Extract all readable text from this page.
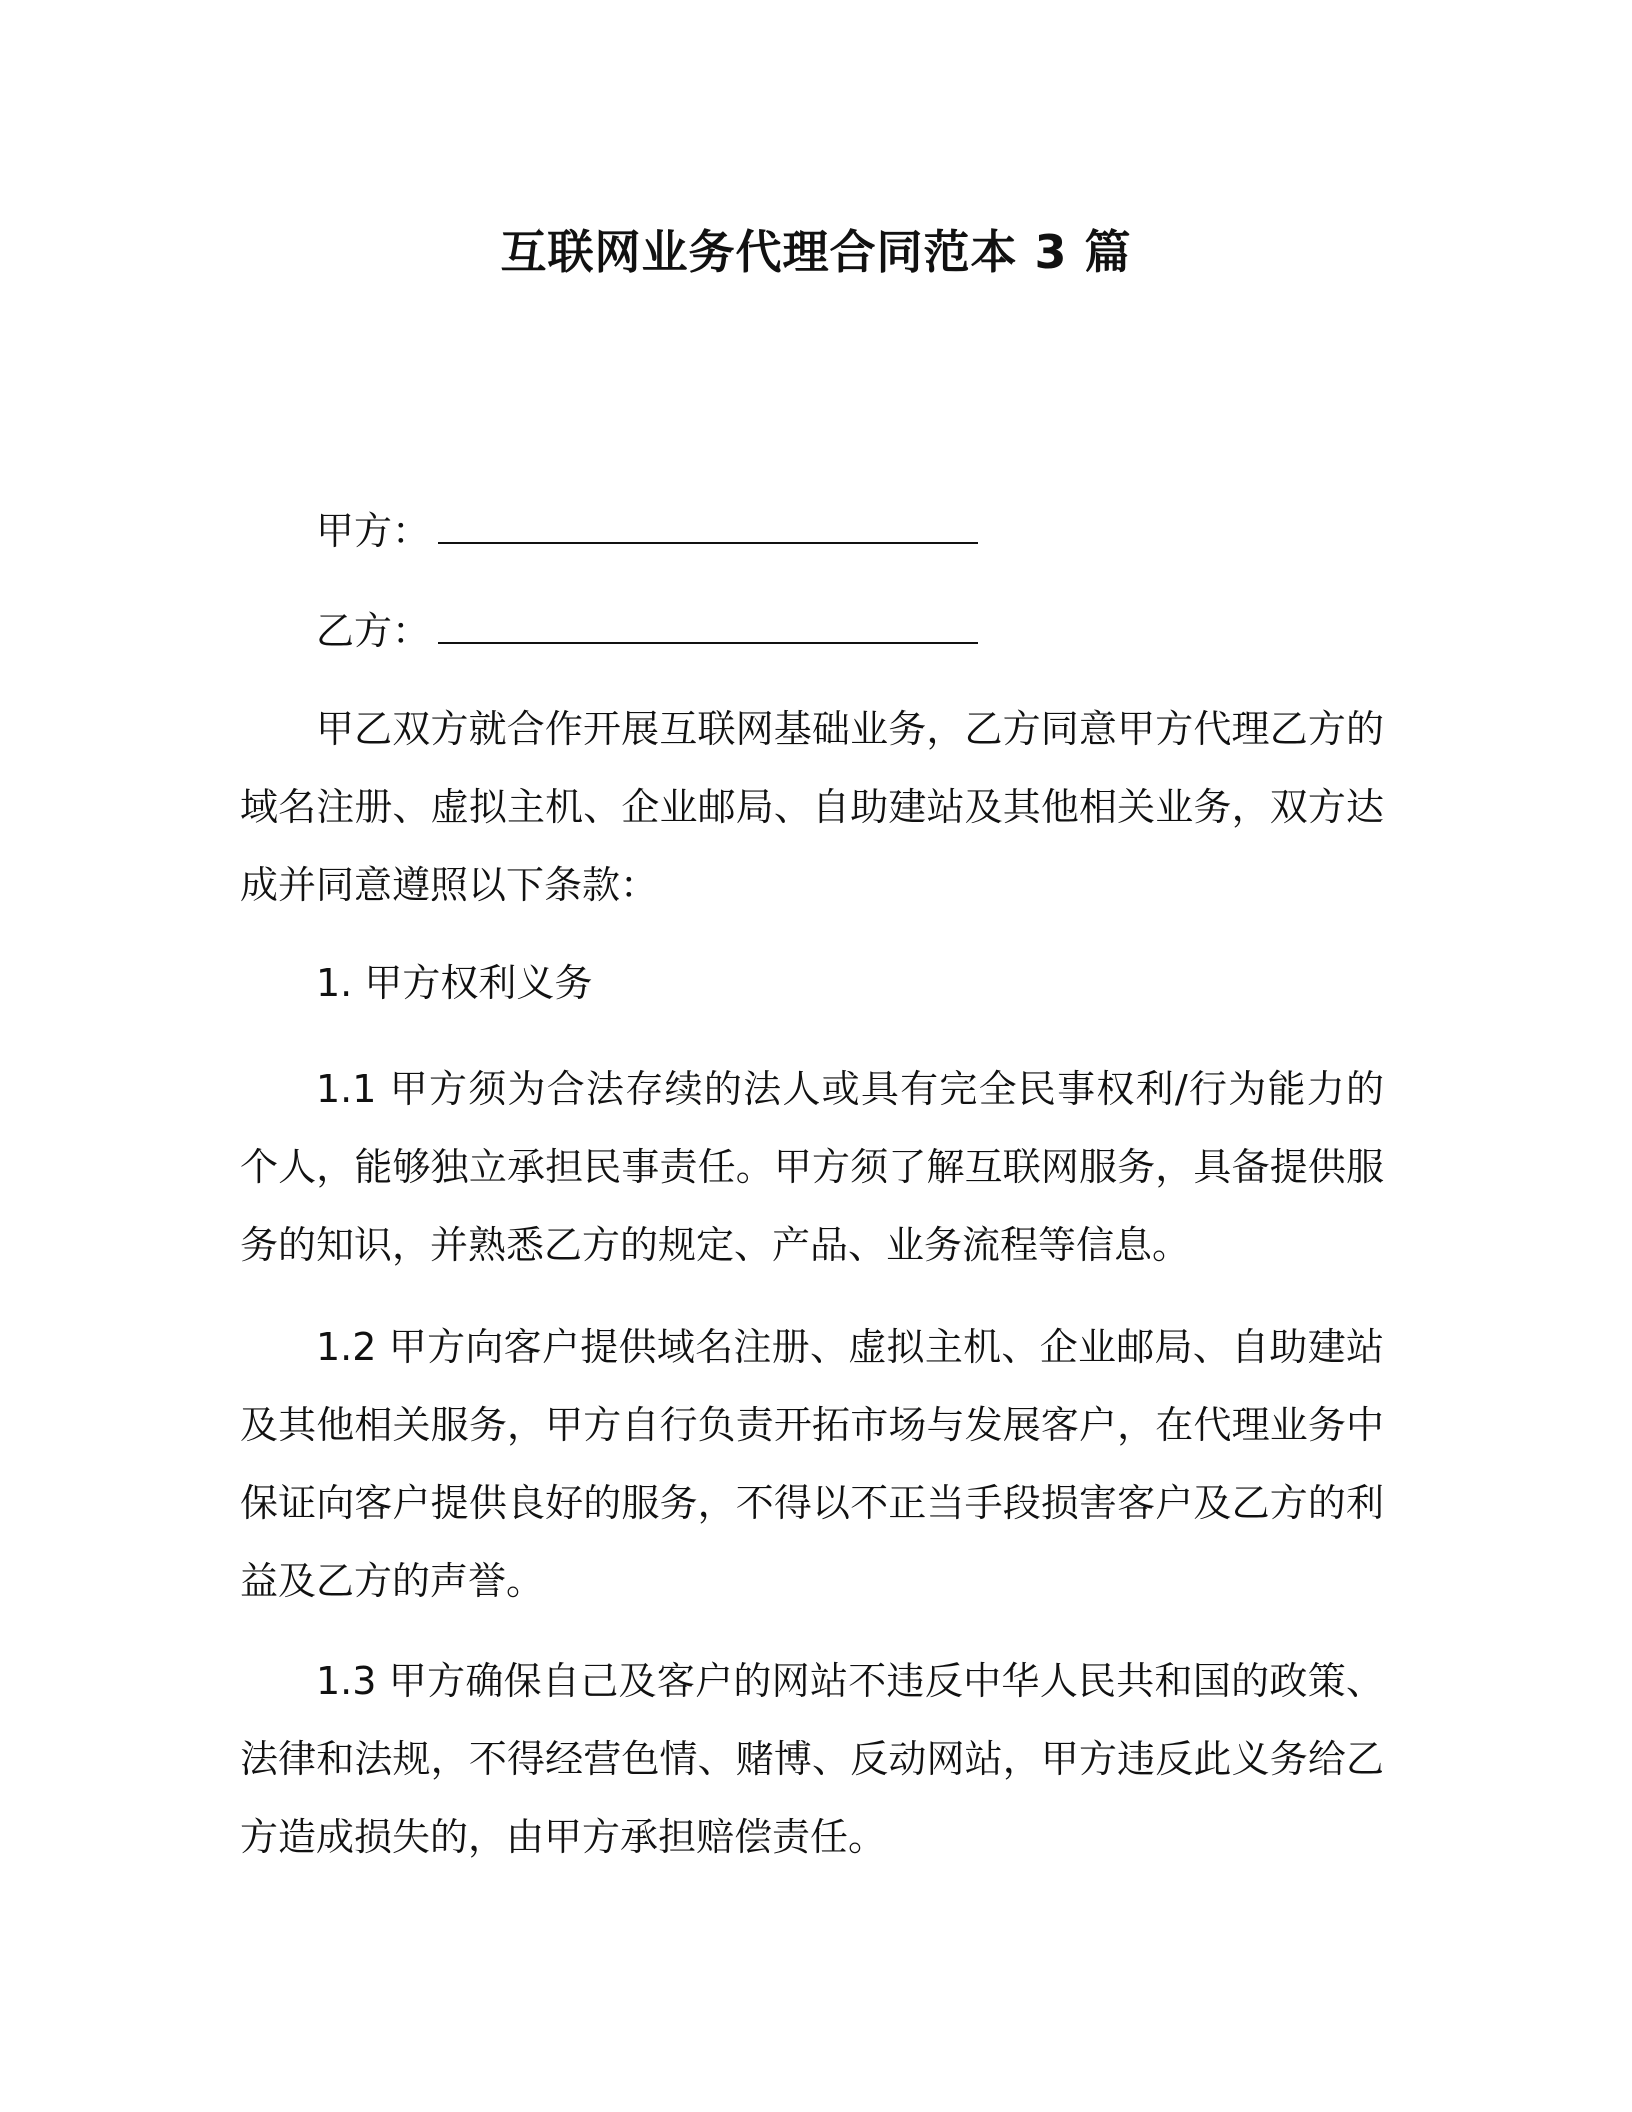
互联网业务代理合同范本 3 篇
甲方：
乙方：

甲乙双方就合作开展互联网基础业务，乙方同意甲方代理乙方的域名注册、虚拟主机、企业邮局、自助建站及其他相关业务，双方达成并同意遵照以下条款：

1. 甲方权利义务

1.1 甲方须为合法存续的法人或具有完全民事权利/行为能力的个人，能够独立承担民事责任。甲方须了解互联网服务，具备提供服务的知识，并熟悉乙方的规定、产品、业务流程等信息。

1.2 甲方向客户提供域名注册、虚拟主机、企业邮局、自助建站及其他相关服务，甲方自行负责开拓市场与发展客户，在代理业务中保证向客户提供良好的服务，不得以不正当手段损害客户及乙方的利益及乙方的声誉。

1.3 甲方确保自己及客户的网站不违反中华人民共和国的政策、法律和法规，不得经营色情、赌博、反动网站，甲方违反此义务给乙方造成损失的，由甲方承担赔偿责任。
